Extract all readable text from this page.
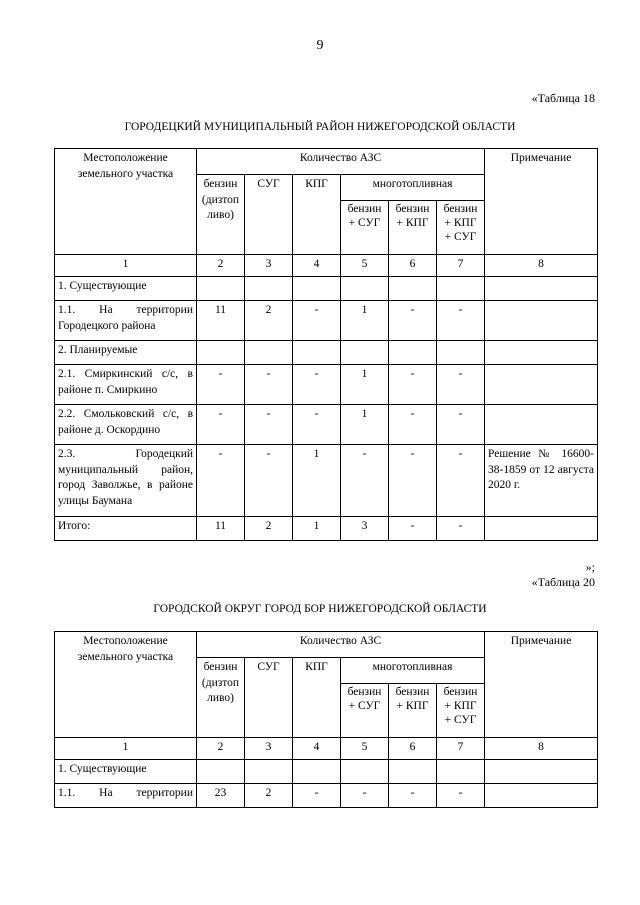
9
«Таблица 18
ГОРОДЕЦКИЙ МУНИЦИПАЛЬНЫЙ РАЙОН НИЖЕГОРОДСКОЙ ОБЛАСТИ
Местоположение земельного участка	Количество АЗС						Примечание
	бензин (дизтоп ливо)	СУГ	КПГ	многотопливная			
				бензин + СУГ	бензин + КПГ	бензин + КПГ + СУГ	
1	2	3	4	5	6	7	8
1. Существующие							
1.1. На территории Городецкого района	11	2	-	1	-	-	
2. Планируемые							
2.1. Смиркинский с/с, в районе п. Смиркино	-	-	-	1	-	-	
2.2. Смольковский с/с, в районе д. Оскордино	-	-	-	1	-	-	
2.3. Городецкий муниципальный район, город Заволжье, в районе улицы Баумана	-	-	1	-	-	-	Решение № 16600-38-1859 от 12 августа 2020 г.
Итого:	11	2	1	3	-	-	
»;
«Таблица 20
ГОРОДСКОЙ ОКРУГ ГОРОД БОР НИЖЕГОРОДСКОЙ ОБЛАСТИ
Местоположение земельного участка	Количество АЗС						Примечание
	бензин (дизтоп ливо)	СУГ	КПГ	многотопливная			
				бензин + СУГ	бензин + КПГ	бензин + КПГ + СУГ	
1	2	3	4	5	6	7	8
1. Существующие							
1.1. На территории	23	2	-	-	-	-	
